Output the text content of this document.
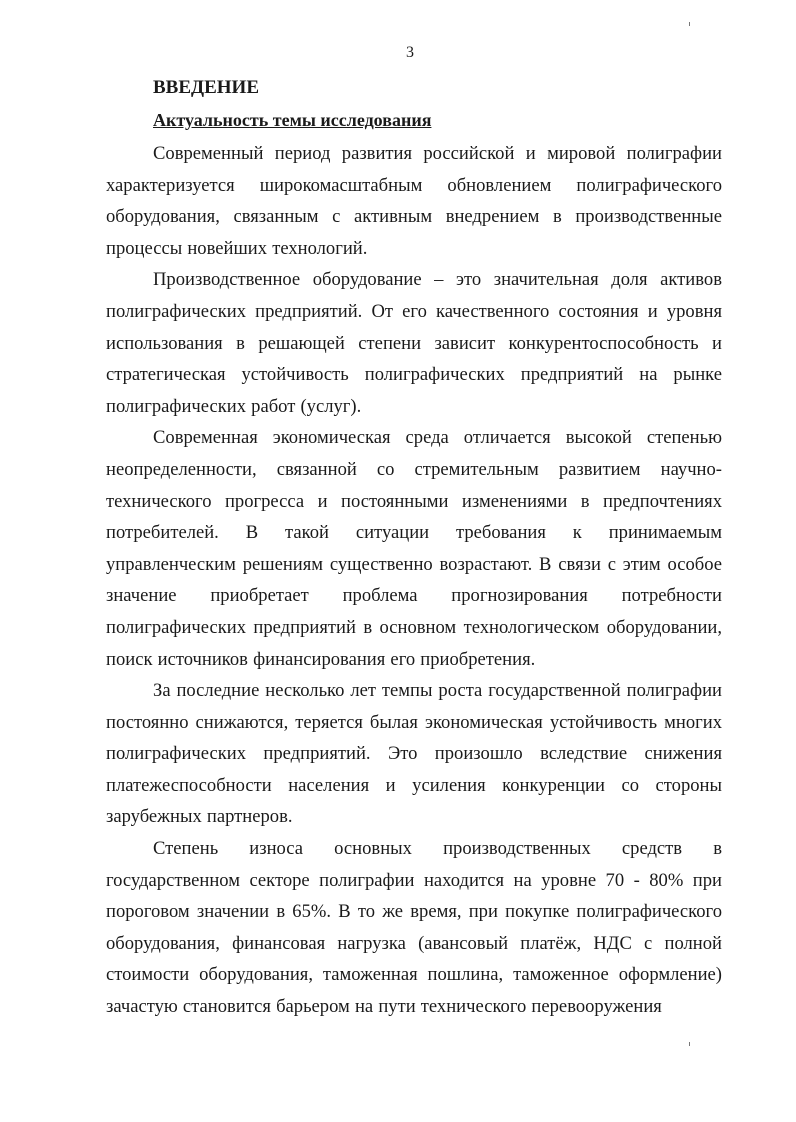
3
ВВЕДЕНИЕ
Актуальность темы исследования

Современный период развития российской и мировой полиграфии характеризуется широкомасштабным обновлением полиграфического оборудования, связанным с активным внедрением в производственные процессы новейших технологий.

Производственное оборудование – это значительная доля активов полиграфических предприятий. От его качественного состояния и уровня использования в решающей степени зависит конкурентоспособность и стратегическая устойчивость полиграфических предприятий на рынке полиграфических работ (услуг).

Современная экономическая среда отличается высокой степенью неопределенности, связанной со стремительным развитием научно-технического прогресса и постоянными изменениями в предпочтениях потребителей. В такой ситуации требования к принимаемым управленческим решениям существенно возрастают. В связи с этим особое значение приобретает проблема прогнозирования потребности полиграфических предприятий в основном технологическом оборудовании, поиск источников финансирования его приобретения.

За последние несколько лет темпы роста государственной полиграфии постоянно снижаются, теряется былая экономическая устойчивость многих полиграфических предприятий. Это произошло вследствие снижения платежеспособности населения и усиления конкуренции со стороны зарубежных партнеров.

Степень износа основных производственных средств в государственном секторе полиграфии находится на уровне 70 - 80% при пороговом значении в 65%. В то же время, при покупке полиграфического оборудования, финансовая нагрузка (авансовый платёж, НДС с полной стоимости оборудования, таможенная пошлина, таможенное оформление) зачастую становится барьером на пути технического перевооружения
